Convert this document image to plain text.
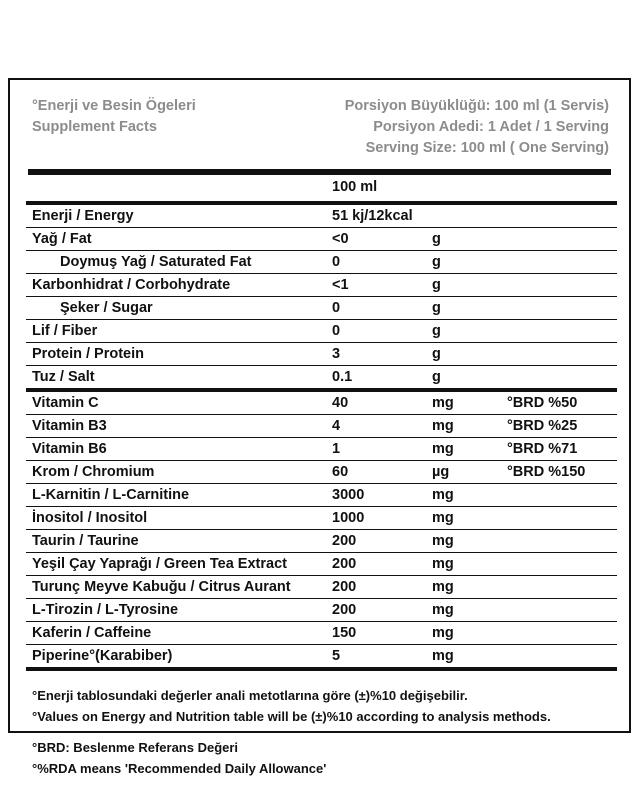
°Enerji ve Besin Ögeleri
Supplement Facts
Porsiyon Büyüklüğü: 100 ml (1 Servis)
Porsiyon Adedi: 1 Adet / 1 Serving
Serving Size: 100 ml ( One Serving)
	100 ml		
Enerji / Energy	51 kj/12kcal		
Yağ / Fat	<0	g	
Doymuş Yağ / Saturated Fat	0	g	
Karbonhidrat / Corbohydrate	<1	g	
Şeker / Sugar	0	g	
Lif / Fiber	0	g	
Protein / Protein	3	g	
Tuz / Salt	0.1	g	
Vitamin C	40	mg	°BRD %50
Vitamin B3	4	mg	°BRD %25
Vitamin B6	1	mg	°BRD %71
Krom / Chromium	60	µg	°BRD %150
L-Karnitin / L-Carnitine	3000	mg	
İnositol / Inositol	1000	mg	
Taurin / Taurine	200	mg	
Yeşil Çay Yaprağı / Green Tea Extract	200	mg	
Turunç Meyve Kabuğu / Citrus Aurant	200	mg	
L-Tirozin / L-Tyrosine	200	mg	
Kaferin / Caffeine	150	mg	
Piperine°(Karabiber)	5	mg	
°Enerji tablosundaki değerler anali metotlarına göre (±)%10 değişebilir.
°Values on Energy and Nutrition table will be (±)%10 according to analysis methods.
°BRD: Beslenme Referans Değeri
°%RDA means 'Recommended Daily Allowance'
